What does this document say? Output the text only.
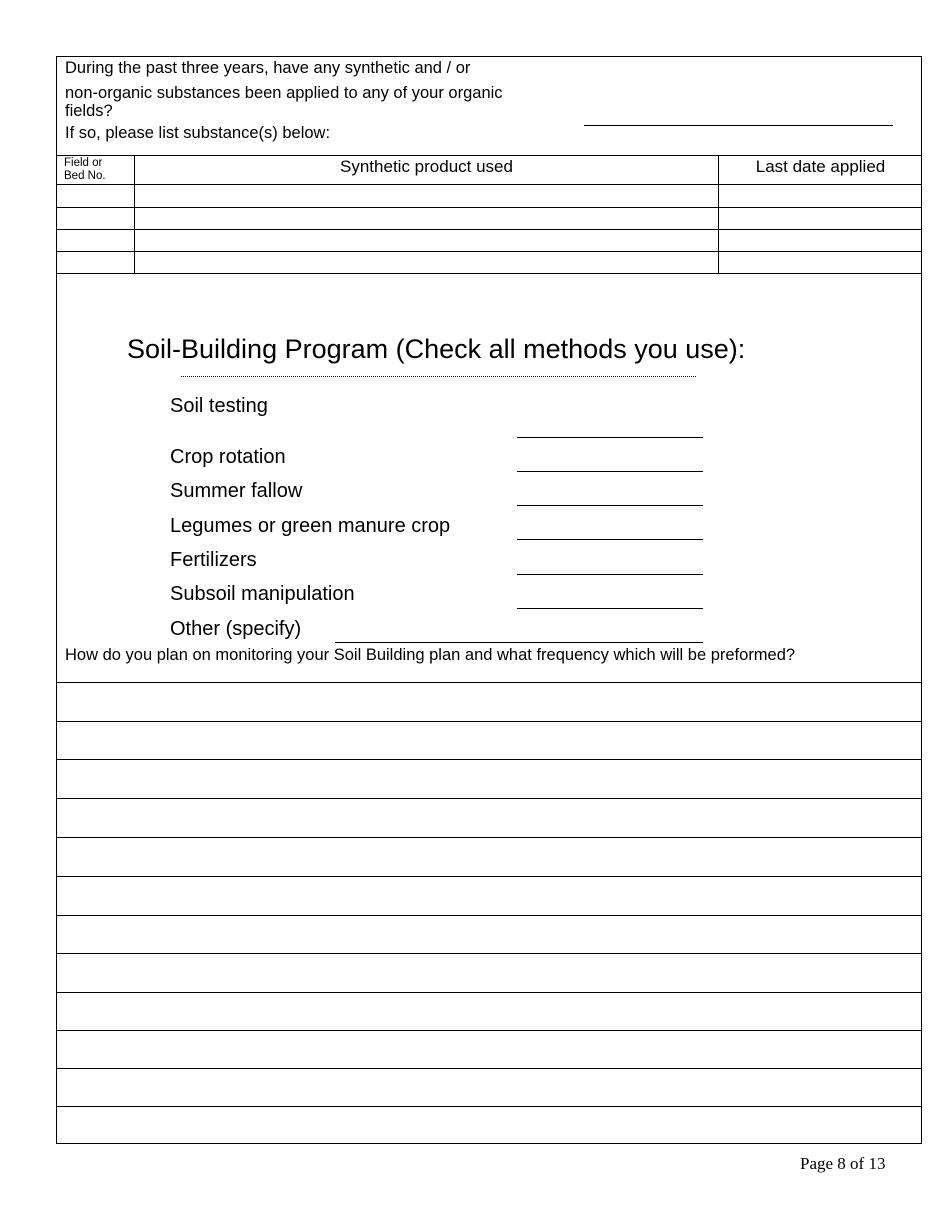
During the past three years, have any synthetic and / or
non-organic substances been applied to any of your organic
fields?
If so, please list substance(s) below:
Field or
Bed No.	Synthetic product used	Last date applied
Soil-Building Program (Check all methods you use):
Soil testing
Crop rotation
Summer fallow
Legumes or green manure crop
Fertilizers
Subsoil manipulation
Other (specify)
How do you plan on monitoring your Soil Building plan and what frequency which will be preformed?
Page 8 of 13
